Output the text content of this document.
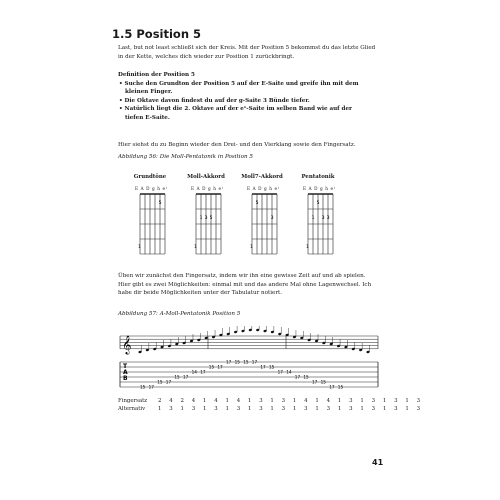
1.5 Position 5
Last, but not least schließt sich der Kreis. Mit der Position 5 bekommst du das letzte Glied
in der Kette, welches dich wieder zur Position 1 zurückbringt.
Definition der Position 5
• Suche den Grundton der Position 5 auf der E-Saite und greife ihn mit dem
kleinen Finger.
• Die Oktave davon findest du auf der g-Saite 3 Bünde tiefer.
• Natürlich liegt die 2. Oktave auf der e¹-Saite im selben Band wie auf der
tiefen E-Saite.
Hier siehst du zu Beginn wieder den Drei- und den Vierklang sowie den Fingersatz.
Abbildung 56: Die Moll-Pentatonik in Position 5
Grundtöne
E A D g h e¹
5
1
Moll-Akkord
E A D g h e¹
1 3 5
1
Moll7-Akkord
E A D g h e¹
5
3
1
Pentatonik
E A D g h e¹
5
1 3 3
1
Üben wir zunächst den Fingersatz, indem wir ihn eine gewisse Zeit auf und ab spielen.
Hier gibt es zwei Möglichkeiten: einmal mit und das andere Mal ohne Lagenwechsel. Ich
habe dir beide Möglichkeiten unter der Tabulatur notiert.
Abbildung 57: A-Moll-Pentatonik Position 5
𝄞
T
A
B
15 17
15 17
15 17
14 17
15 17
17 15 15 17
17 15
17 14
17 15
17 15
17 15
Fingersatz 2 4 2 4 1 4 1 4 1 3 1 3 1 4 1 4 1 3 1 3 1 3 1 3
Alternativ 1 3 1 3 1 3 1 3 1 3 1 3 1 3 1 3 1 3 1 3 1 3 1 3
41
